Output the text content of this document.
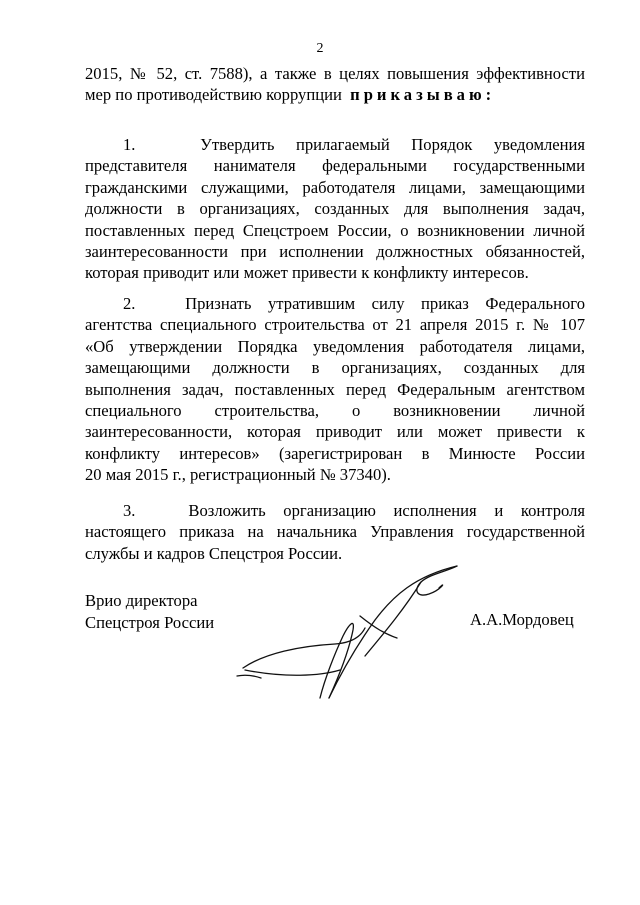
2
2015, № 52, ст. 7588), а также в целях повышения эффективности
мер по противодействию коррупции приказываю:
1.   Утвердить прилагаемый Порядок уведомления
представителя нанимателя федеральными государственными
гражданскими служащими, работодателя лицами, замещающими
должности в организациях, созданных для выполнения задач,
поставленных перед Спецстроем России, о возникновении личной
заинтересованности при исполнении должностных обязанностей,
которая приводит или может привести к конфликту интересов.
2.   Признать утратившим силу приказ Федерального
агентства специального строительства от 21 апреля 2015 г. № 107
«Об утверждении Порядка уведомления работодателя лицами,
замещающими должности в организациях, созданных для
выполнения задач, поставленных перед Федеральным агентством
специального строительства, о возникновении личной
заинтересованности, которая приводит или может привести к
конфликту интересов» (зарегистрирован в Минюсте России
20 мая 2015 г., регистрационный № 37340).
3.   Возложить организацию исполнения и контроля
настоящего приказа на начальника Управления государственной
службы и кадров Спецстроя России.
Врио директора
Спецстроя России	А.А.Мордовец
